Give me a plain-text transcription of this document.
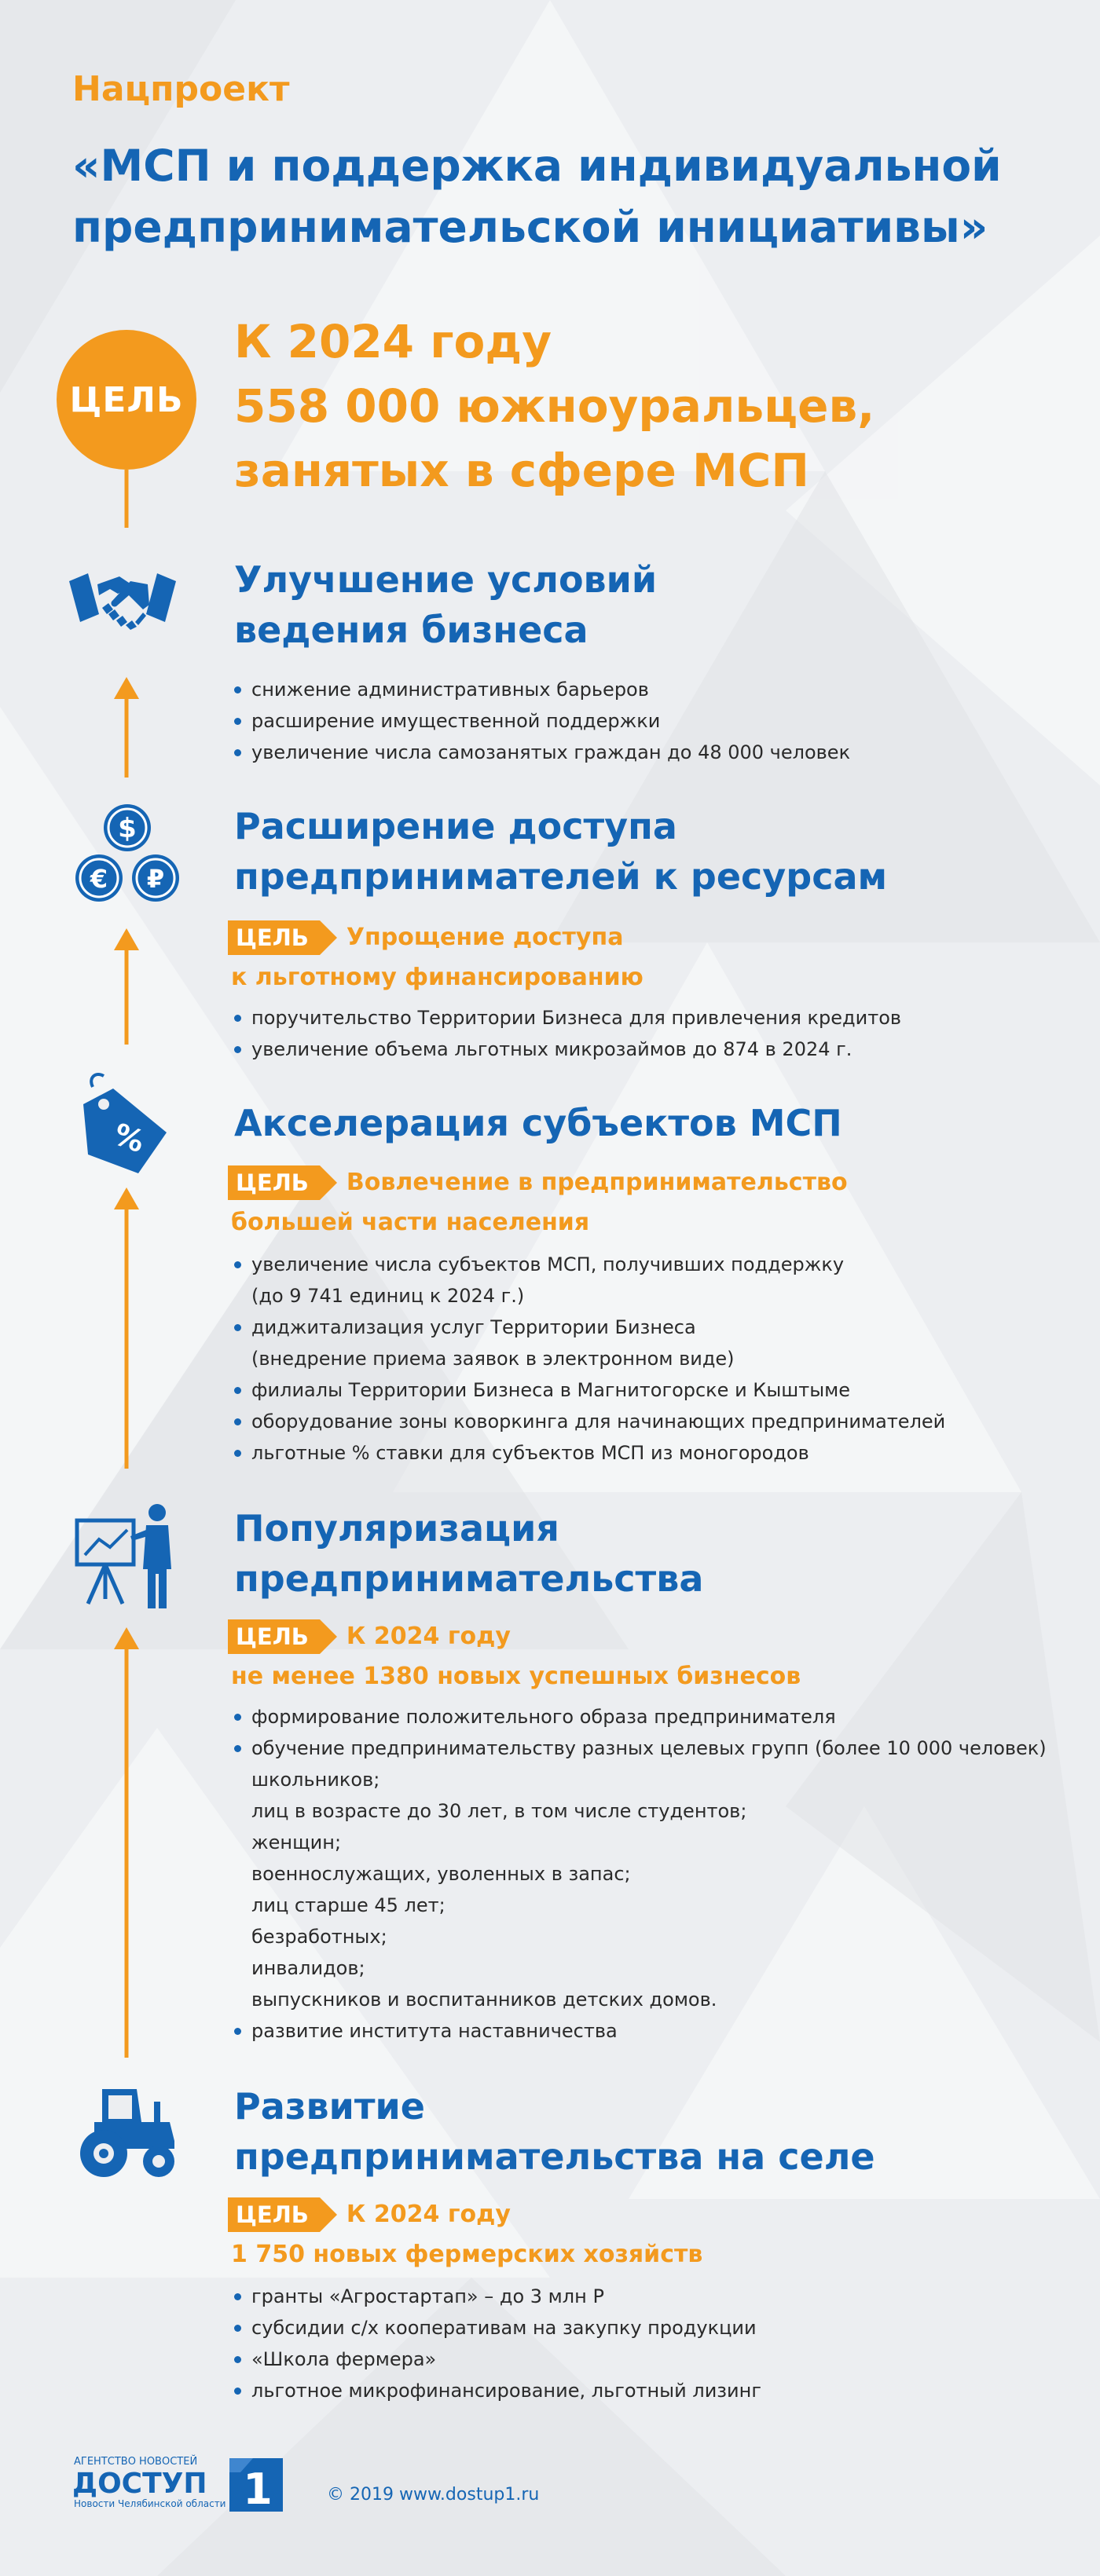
Нацпроект
«МСП и поддержка индивидуальной
предпринимательской инициативы»
ЦЕЛЬ
К 2024 году
558 000 южноуральцев,
занятых в сфере МСП
Улучшение условий
ведения бизнеса
снижение административных барьеров
расширение имущественной поддержки
увеличение числа самозанятых граждан до 48 000 человек
$
€ ₽
Расширение доступа
предпринимателей к ресурсам
ЦЕЛЬ Упрощение доступа
к льготному финансированию
поручительство Территории Бизнеса для привлечения кредитов
увеличение объема льготных микрозаймов до 874 в 2024 г.
% Акселерация субъектов МСП
ЦЕЛЬ Вовлечение в предпринимательство
большей части населения
увеличение числа субъектов МСП, получивших поддержку
(до 9 741 единиц к 2024 г.)
диджитализация услуг Территории Бизнеса
(внедрение приема заявок в электронном виде)
филиалы Территории Бизнеса в Магнитогорске и Кыштыме
оборудование зоны коворкинга для начинающих предпринимателей
льготные % ставки для субъектов МСП из моногородов
Популяризация
предпринимательства
ЦЕЛЬ К 2024 году
не менее 1380 новых успешных бизнесов
формирование положительного образа предпринимателя
обучение предпринимательству разных целевых групп (более 10 000 человек)
школьников;
лиц в возрасте до 30 лет, в том числе студентов;
женщин;
военнослужащих, уволенных в запас;
лиц старше 45 лет;
безработных;
инвалидов;
выпускников и воспитанников детских домов.
развитие института наставничества
Развитие
предпринимательства на селе
ЦЕЛЬ К 2024 году
1 750 новых фермерских хозяйств
гранты «Агростартап» – до 3 млн Р
субсидии с/х кооперативам на закупку продукции
«Школа фермера»
льготное микрофинансирование, льготный лизинг
АГЕНТСТВО НОВОСТЕЙ
ДОСТУП
Новости Челябинской области 1	© 2019 www.dostup1.ru
